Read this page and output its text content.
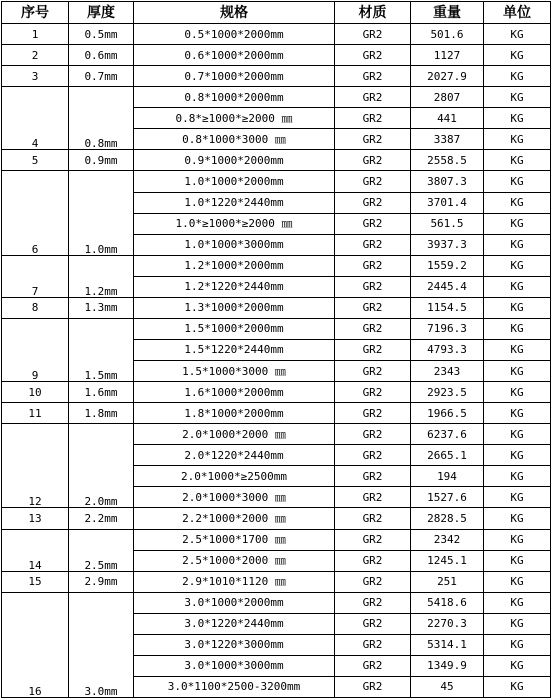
序号	厚度	规格	材质	重量	单位
1	0.5mm	0.5*1000*2000mm	GR2	501.6	KG
2	0.6mm	0.6*1000*2000mm	GR2	1127	KG
3	0.7mm	0.7*1000*2000mm	GR2	2027.9	KG
4	0.8mm	0.8*1000*2000mm	GR2	2807	KG
		0.8*≥1000*≥2000 ㎜	GR2	441	KG
		0.8*1000*3000 ㎜	GR2	3387	KG
5	0.9mm	0.9*1000*2000mm	GR2	2558.5	KG
6	1.0mm	1.0*1000*2000mm	GR2	3807.3	KG
		1.0*1220*2440mm	GR2	3701.4	KG
		1.0*≥1000*≥2000 ㎜	GR2	561.5	KG
		1.0*1000*3000mm	GR2	3937.3	KG
7	1.2mm	1.2*1000*2000mm	GR2	1559.2	KG
		1.2*1220*2440mm	GR2	2445.4	KG
8	1.3mm	1.3*1000*2000mm	GR2	1154.5	KG
9	1.5mm	1.5*1000*2000mm	GR2	7196.3	KG
		1.5*1220*2440mm	GR2	4793.3	KG
		1.5*1000*3000 ㎜	GR2	2343	KG
10	1.6mm	1.6*1000*2000mm	GR2	2923.5	KG
11	1.8mm	1.8*1000*2000mm	GR2	1966.5	KG
12	2.0mm	2.0*1000*2000 ㎜	GR2	6237.6	KG
		2.0*1220*2440mm	GR2	2665.1	KG
		2.0*1000*≥2500mm	GR2	194	KG
		2.0*1000*3000 ㎜	GR2	1527.6	KG
13	2.2mm	2.2*1000*2000 ㎜	GR2	2828.5	KG
14	2.5mm	2.5*1000*1700 ㎜	GR2	2342	KG
		2.5*1000*2000 ㎜	GR2	1245.1	KG
15	2.9mm	2.9*1010*1120 ㎜	GR2	251	KG
16	3.0mm	3.0*1000*2000mm	GR2	5418.6	KG
		3.0*1220*2440mm	GR2	2270.3	KG
		3.0*1220*3000mm	GR2	5314.1	KG
		3.0*1000*3000mm	GR2	1349.9	KG
		3.0*1100*2500-3200mm	GR2	45	KG
